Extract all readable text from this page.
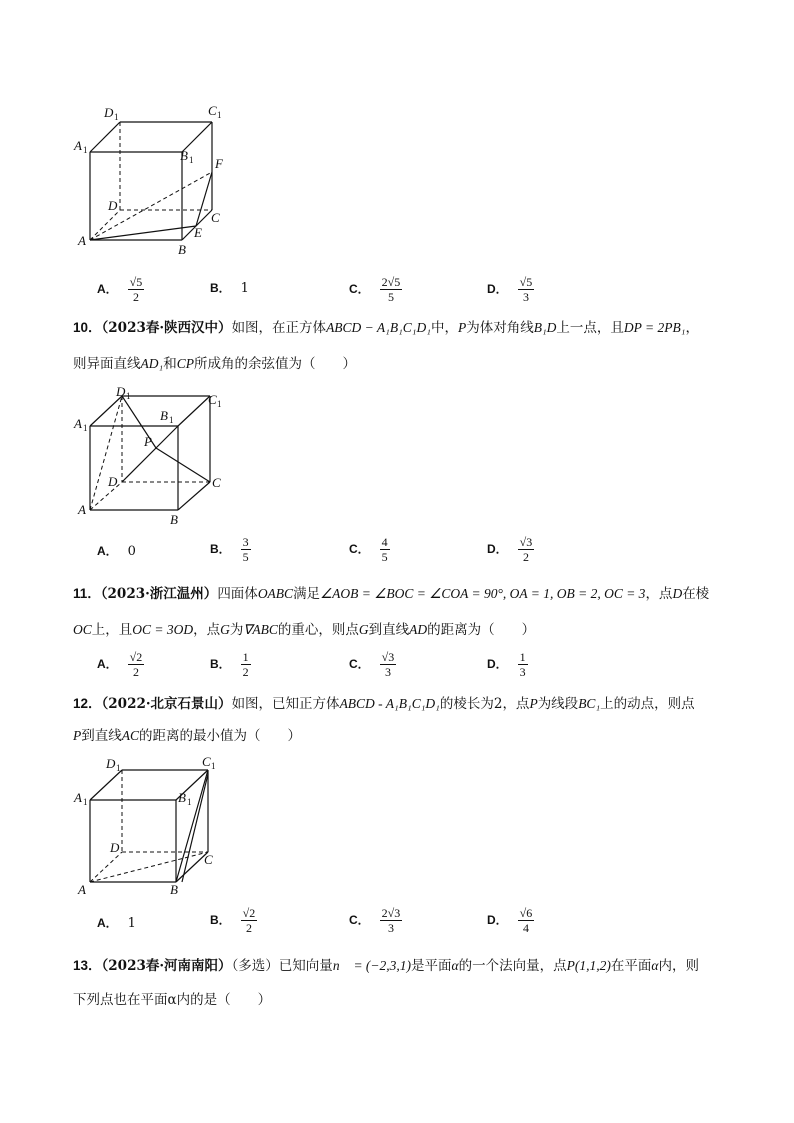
D 1	C 1
A 1	B 1 F
D
C
A
E
B
A． $\frac{√5}{2}$	B． 1	C． $\frac{2√5}{5}$	D． $\frac{√5}{3}$
10．（2023春·陕西汉中）如图，在正方体ABCD − A₁B₁C₁D₁中，P为体对角线B₁D上一点，且DP = 2PB₁，
则异面直线AD₁和CP所成角的余弦值为（　　）
D 1	C 1
A 1
B 1
P
D	C
A
B
A． 0	B． $\frac{3}{5}$	C． $\frac{4}{5}$	D． $\frac{√3}{2}$
11．（2023·浙江温州）四面体OABC满足∠AOB = ∠BOC = ∠COA = 90°, OA = 1, OB = 2, OC = 3，点D在棱
OC上，且OC = 3OD，点G为∇ABC的重心，则点G到直线AD的距离为（　　）
A． $\frac{√2}{2}$	B． $\frac{1}{2}$	C． $\frac{√3}{3}$	D． $\frac{1}{3}$
12．（2022·北京石景山）如图，已知正方体ABCD - A₁B₁C₁D₁的棱长为2，点P为线段BC₁上的动点，则点
P到直线AC的距离的最小值为（　　）
D 1	C 1
A 1	B 1
D
C
A	B
A． 1	B． $\frac{√2}{2}$	C． $\frac{2√3}{3}$	D． $\frac{√6}{4}$
13．（2023春·河南南阳）（多选）已知向量n⃗ = (−2,3,1)是平面α的一个法向量，点P(1,1,2)在平面α内，则
下列点也在平面α内的是（　　）
